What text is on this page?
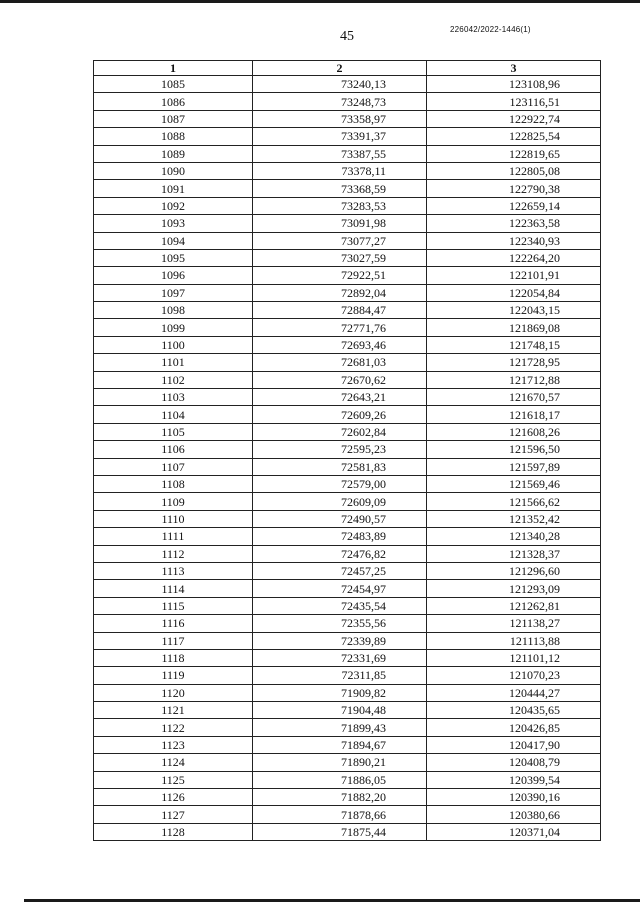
45	226042/2022-1446(1)
1	2	3
1085	73240,13	123108,96
1086	73248,73	123116,51
1087	73358,97	122922,74
1088	73391,37	122825,54
1089	73387,55	122819,65
1090	73378,11	122805,08
1091	73368,59	122790,38
1092	73283,53	122659,14
1093	73091,98	122363,58
1094	73077,27	122340,93
1095	73027,59	122264,20
1096	72922,51	122101,91
1097	72892,04	122054,84
1098	72884,47	122043,15
1099	72771,76	121869,08
1100	72693,46	121748,15
1101	72681,03	121728,95
1102	72670,62	121712,88
1103	72643,21	121670,57
1104	72609,26	121618,17
1105	72602,84	121608,26
1106	72595,23	121596,50
1107	72581,83	121597,89
1108	72579,00	121569,46
1109	72609,09	121566,62
1110	72490,57	121352,42
1111	72483,89	121340,28
1112	72476,82	121328,37
1113	72457,25	121296,60
1114	72454,97	121293,09
1115	72435,54	121262,81
1116	72355,56	121138,27
1117	72339,89	121113,88
1118	72331,69	121101,12
1119	72311,85	121070,23
1120	71909,82	120444,27
1121	71904,48	120435,65
1122	71899,43	120426,85
1123	71894,67	120417,90
1124	71890,21	120408,79
1125	71886,05	120399,54
1126	71882,20	120390,16
1127	71878,66	120380,66
1128	71875,44	120371,04
